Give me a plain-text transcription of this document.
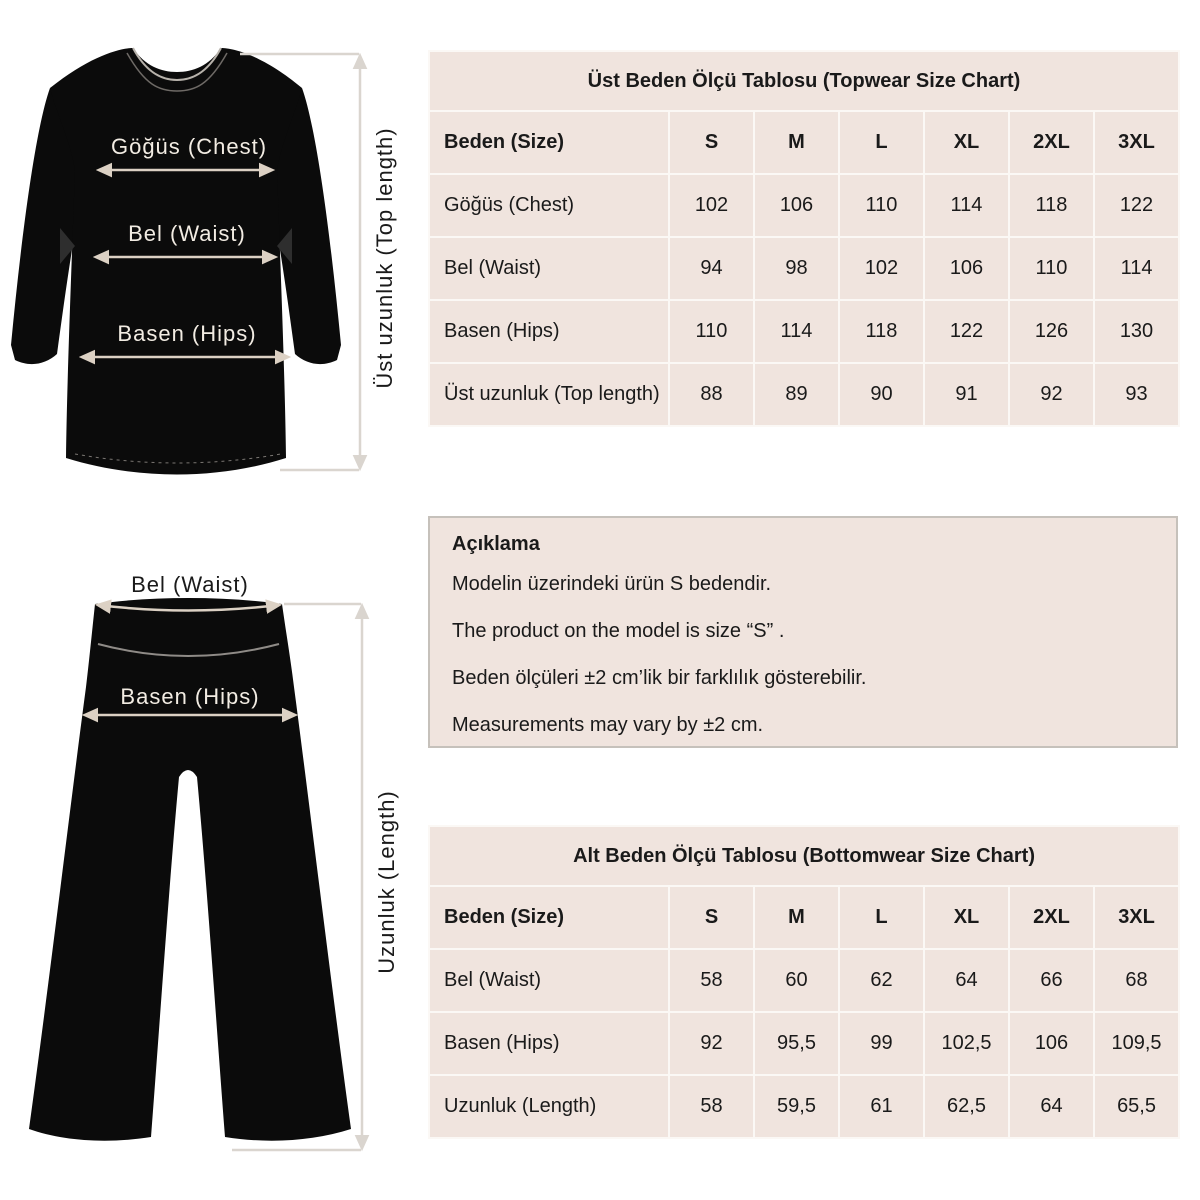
Göğüs (Chest)
Bel (Waist)
Basen (Hips)	Üst uzunluk (Top length)
Bel (Waist)
Basen (Hips)
Uzunluk (Length)
Üst Beden Ölçü Tablosu (Topwear Size Chart)						
Beden (Size)	S	M	L	XL	2XL	3XL
Göğüs (Chest)	102	106	110	114	118	122
Bel (Waist)	94	98	102	106	110	114
Basen (Hips)	110	114	118	122	126	130
Üst uzunluk (Top length)	88	89	90	91	92	93
Açıklama
Modelin üzerindeki ürün S bedendir.
The product on the model is size “S” .
Beden ölçüleri ±2 cm’lik bir farklılık gösterebilir.
Measurements may vary by ±2 cm.
Alt Beden Ölçü Tablosu (Bottomwear Size Chart)						
Beden (Size)	S	M	L	XL	2XL	3XL
Bel (Waist)	58	60	62	64	66	68
Basen (Hips)	92	95,5	99	102,5	106	109,5
Uzunluk (Length)	58	59,5	61	62,5	64	65,5
